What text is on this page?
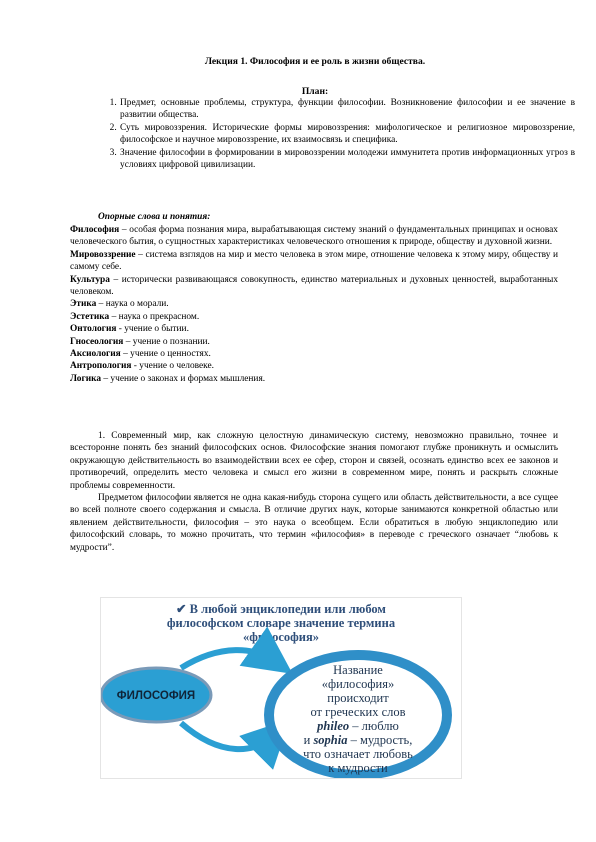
Лекция 1. Философия и ее роль в жизни общества.
План:
1. Предмет, основные проблемы, структура, функции философии. Возникновение философии и ее значение в развитии общества.
2. Суть мировоззрения. Исторические формы мировоззрения: мифологическое и религиозное мировоззрение, философское и научное мировоззрение, их взаимосвязь и специфика.
3. Значение философии в формировании в мировоззрении молодежи иммунитета против информационных угроз в условиях цифровой цивилизации.
Опорные слова и понятия:

Философия – особая форма познания мира, вырабатывающая систему знаний о фундаментальных принципах и основах человеческого бытия, о сущностных характеристиках человеческого отношения к природе, обществу и духовной жизни.

Мировоззрение – система взглядов на мир и место человека в этом мире, отношение человека к этому миру, обществу и самому себе.

Культура – исторически развивающаяся совокупность, единство материальных и духовных ценностей, выработанных человеком.

Этика – наука о морали.

Эстетика – наука о прекрасном.

Онтология - учение о бытии.

Гносеология – учение о познании.

Аксиология – учение о ценностях.

Антропология - учение о человеке.

Логика – учение о законах и формах мышления.

1. Современный мир, как сложную целостную динамическую систему, невозможно правильно, точнее и всесторонне понять без знаний философских основ. Философские знания помогают глубже проникнуть и осмыслить окружающую действительность во взаимодействии всех ее сфер, сторон и связей, осознать единство всех ее законов и противоречий, определить место человека и смысл его жизни в современном мире, понять и раскрыть сложные проблемы современности.

Предметом философии является не одна какая-нибудь сторона сущего или область действительности, а все сущее во всей полноте своего содержания и смысла. В отличие других наук, которые занимаются конкретной областью или явлением действительности, философия – это наука о всеобщем. Если обратиться в любую энциклопедию или философский словарь, то можно прочитать, что термин «философия» в переводе с греческого означает “любовь к мудрости”.

✔ В любой энциклопедии или любом
философском словаре значение термина
«философия»
ФИЛОСОФИЯ
Название
«философия»
происходит
от греческих слов
phileo – люблю
и sophia – мудрость,
что означает любовь
к мудрости
